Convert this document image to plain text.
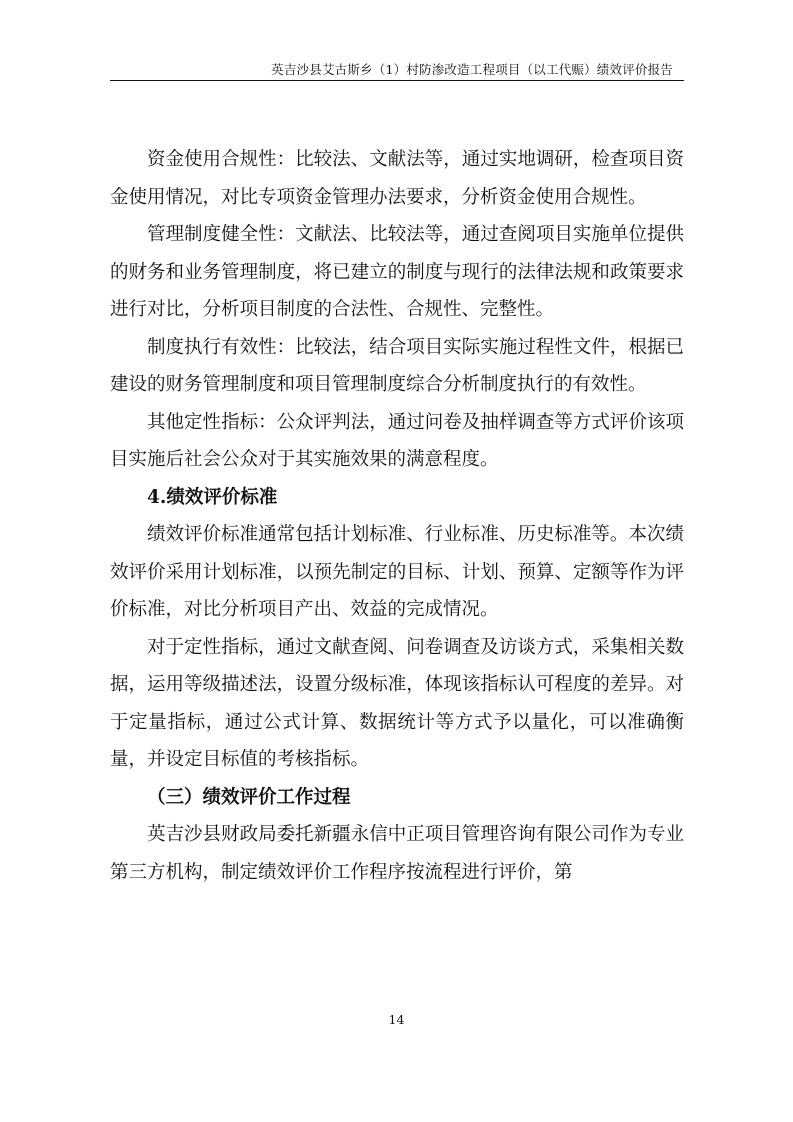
英吉沙县艾古斯乡（1）村防渗改造工程项目（以工代赈）绩效评价报告

资金使用合规性：比较法、文献法等，通过实地调研，检查项目资金使用情况，对比专项资金管理办法要求，分析资金使用合规性。

管理制度健全性：文献法、比较法等，通过查阅项目实施单位提供的财务和业务管理制度，将已建立的制度与现行的法律法规和政策要求进行对比，分析项目制度的合法性、合规性、完整性。

制度执行有效性：比较法，结合项目实际实施过程性文件，根据已建设的财务管理制度和项目管理制度综合分析制度执行的有效性。

其他定性指标：公众评判法，通过问卷及抽样调查等方式评价该项目实施后社会公众对于其实施效果的满意程度。

4.绩效评价标准

绩效评价标准通常包括计划标准、行业标准、历史标准等。本次绩效评价采用计划标准，以预先制定的目标、计划、预算、定额等作为评价标准，对比分析项目产出、效益的完成情况。

对于定性指标，通过文献查阅、问卷调查及访谈方式，采集相关数据，运用等级描述法，设置分级标准，体现该指标认可程度的差异。对于定量指标，通过公式计算、数据统计等方式予以量化，可以准确衡量，并设定目标值的考核指标。

（三）绩效评价工作过程

英吉沙县财政局委托新疆永信中正项目管理咨询有限公司作为专业第三方机构，制定绩效评价工作程序按流程进行评价，第

14
